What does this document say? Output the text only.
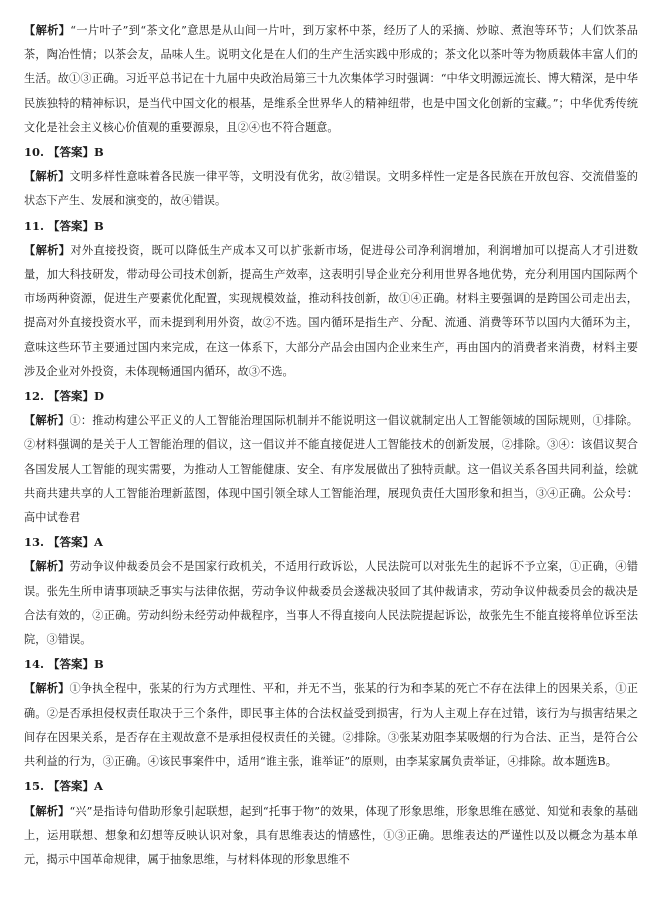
【解析】“一片叶子”到“茶文化”意思是从山间一片叶，到万家杯中茶，经历了人的采摘、炒晾、煮泡等环节；人们饮茶品茶，陶冶性情；以茶会友，品味人生。说明文化是在人们的生产生活实践中形成的；茶文化以茶叶等为物质载体丰富人们的生活。故①③正确。习近平总书记在十九届中央政治局第三十九次集体学习时强调：“中华文明源远流长、博大精深，是中华民族独特的精神标识，是当代中国文化的根基，是维系全世界华人的精神纽带，也是中国文化创新的宝藏。”；中华优秀传统文化是社会主义核心价值观的重要源泉，且②④也不符合题意。

10. 【答案】B

【解析】文明多样性意味着各民族一律平等，文明没有优劣，故②错误。文明多样性一定是各民族在开放包容、交流借鉴的状态下产生、发展和演变的，故④错误。

11. 【答案】B

【解析】对外直接投资，既可以降低生产成本又可以扩张新市场，促进母公司净利润增加，利润增加可以提高人才引进数量，加大科技研发，带动母公司技术创新，提高生产效率，这表明引导企业充分利用世界各地优势，充分利用国内国际两个市场两种资源，促进生产要素优化配置，实现规模效益，推动科技创新，故①④正确。材料主要强调的是跨国公司走出去，提高对外直接投资水平，而未提到利用外资，故②不选。国内循环是指生产、分配、流通、消费等环节以国内大循环为主，意味这些环节主要通过国内来完成，在这一体系下，大部分产品会由国内企业来生产，再由国内的消费者来消费，材料主要涉及企业对外投资，未体现畅通国内循环，故③不选。

12. 【答案】D

【解析】①：推动构建公平正义的人工智能治理国际机制并不能说明这一倡议就制定出人工智能领域的国际规则，①排除。②材料强调的是关于人工智能治理的倡议，这一倡议并不能直接促进人工智能技术的创新发展，②排除。③④：该倡议契合各国发展人工智能的现实需要，为推动人工智能健康、安全、有序发展做出了独特贡献。这一倡议关系各国共同利益，绘就共商共建共享的人工智能治理新蓝图，体现中国引领全球人工智能治理，展现负责任大国形象和担当，③④正确。公众号：高中试卷君

13. 【答案】A

【解析】劳动争议仲裁委员会不是国家行政机关，不适用行政诉讼，人民法院可以对张先生的起诉不予立案，①正确，④错误。张先生所申请事项缺乏事实与法律依据，劳动争议仲裁委员会遂裁决驳回了其仲裁请求，劳动争议仲裁委员会的裁决是合法有效的，②正确。劳动纠纷未经劳动仲裁程序，当事人不得直接向人民法院提起诉讼，故张先生不能直接将单位诉至法院，③错误。

14. 【答案】B

【解析】①争执全程中，张某的行为方式理性、平和，并无不当，张某的行为和李某的死亡不存在法律上的因果关系，①正确。②是否承担侵权责任取决于三个条件，即民事主体的合法权益受到损害，行为人主观上存在过错，该行为与损害结果之间存在因果关系，是否存在主观故意不是承担侵权责任的关键。②排除。③张某劝阻李某吸烟的行为合法、正当，是符合公共利益的行为，③正确。④该民事案件中，适用“谁主张，谁举证”的原则，由李某家属负责举证，④排除。故本题选B。

15. 【答案】A

【解析】“兴”是指诗句借助形象引起联想，起到“托事于物”的效果，体现了形象思维，形象思维在感觉、知觉和表象的基础上，运用联想、想象和幻想等反映认识对象，具有思维表达的情感性，①③正确。思维表达的严谨性以及以概念为基本单元，揭示中国革命规律，属于抽象思维，与材料体现的形象思维不
